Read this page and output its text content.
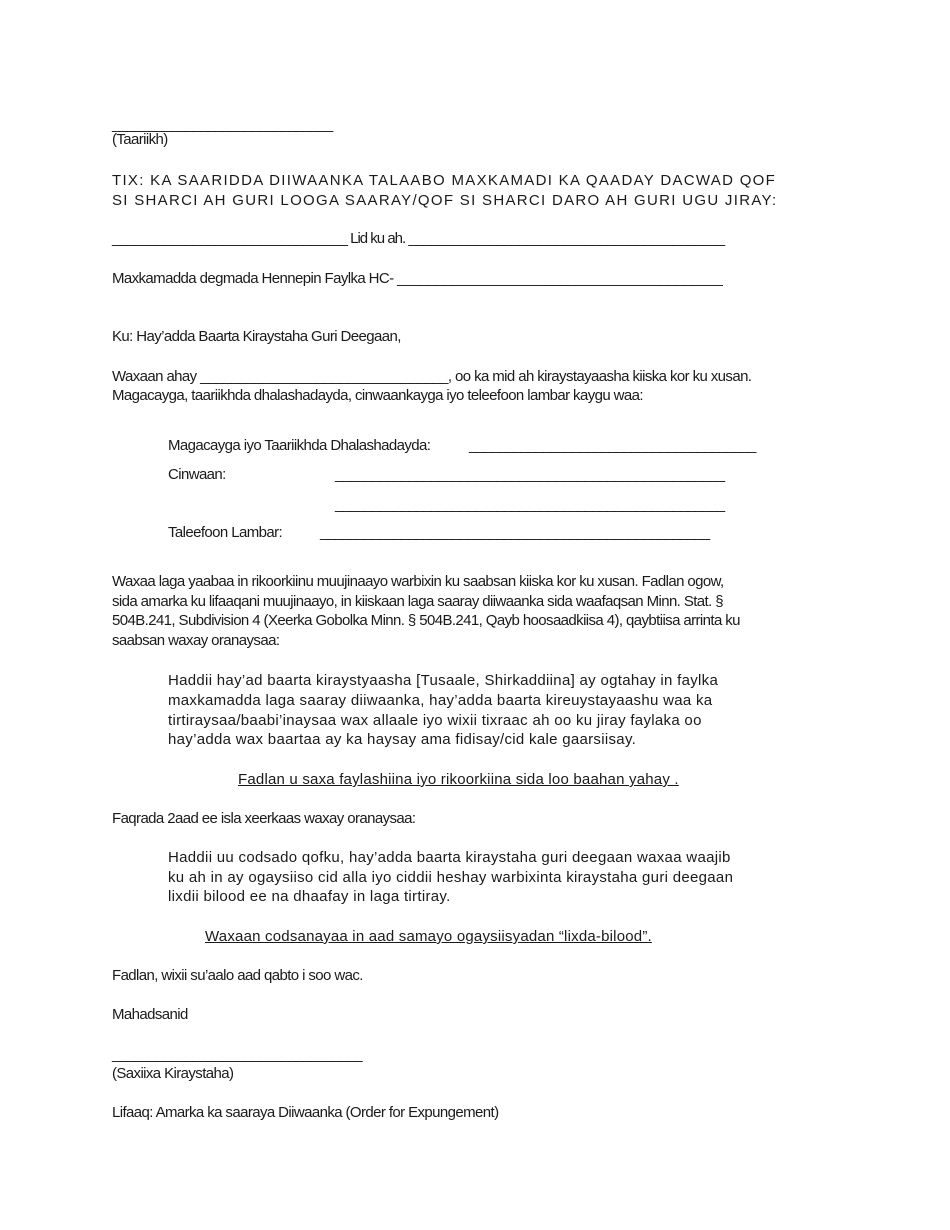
______________________________
(Taariikh)
TIX: KA SAARIDDA DIIWAANKA TALAABO MAXKAMADI KA QAADAY DACWAD QOF
SI SHARCI AH GURI LOOGA SAARAY/QOF SI SHARCI DARO AH GURI UGU JIRAY:
________________________________ Lid ku ah. ___________________________________________
Maxkamadda degmada Hennepin Faylka HC- __________________________________________
Ku: Hay’adda Baarta Kiraystaha Guri Deegaan,
Waxaan ahay ________________________________, oo ka mid ah kiraystayaasha kiiska kor ku xusan.
Magacayga, taariikhda dhalashadayda, cinwaankayga iyo teleefoon lambar kaygu waa:
Magacayga iyo Taariikhda Dhalashadayda:	_______________________________________
Cinwaan:	_____________________________________________________
_____________________________________________________
Taleefoon Lambar:	_____________________________________________________
Waxaa laga yaabaa in rikoorkiinu muujinaayo warbixin ku saabsan kiiska kor ku xusan. Fadlan ogow,
sida amarka ku lifaaqani muujinaayo, in kiiskaan laga saaray diiwaanka sida waafaqsan Minn. Stat. §
504B.241, Subdivision 4 (Xeerka Gobolka Minn. § 504B.241, Qayb hoosaadkiisa 4), qaybtiisa arrinta ku
saabsan waxay oranaysaa:
Haddii hay’ad baarta kiraystyaasha [Tusaale, Shirkaddiina] ay ogtahay in faylka
maxkamadda laga saaray diiwaanka, hay’adda baarta kireuystayaashu waa ka
tirtiraysaa/baabi’inaysaa wax allaale iyo wixii tixraac ah oo ku jiray faylaka oo
hay’adda wax baartaa ay ka haysay ama fidisay/cid kale gaarsiisay.
Fadlan u saxa faylashiina iyo rikoorkiina sida loo baahan yahay .
Faqrada 2aad ee isla xeerkaas waxay oranaysaa:
Haddii uu codsado qofku, hay’adda baarta kiraystaha guri deegaan waxaa waajib
ku ah in ay ogaysiiso cid alla iyo ciddii heshay warbixinta kiraystaha guri deegaan
lixdii bilood ee na dhaafay in laga tirtiray.
Waxaan codsanayaa in aad samayo ogaysiisyadan “lixda-bilood”.
Fadlan, wixii su’aalo aad qabto i soo wac.
Mahadsanid
__________________________________
(Saxiixa Kiraystaha)
Lifaaq: Amarka ka saaraya Diiwaanka (Order for Expungement)
